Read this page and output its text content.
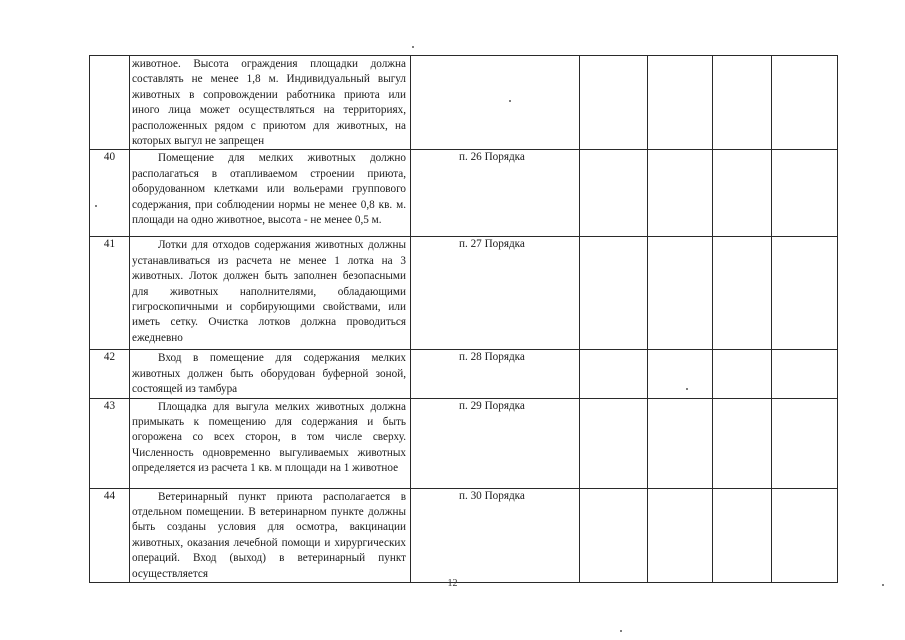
	животное. Высота ограждения площадки должна составлять не менее 1,8 м. Индивидуальный выгул животных в сопровождении работника приюта или иного лица может осуществляться на территориях, расположенных рядом с приютом для животных, на которых выгул не запрещен	

40	Помещение для мелких животных должно располагаться в отапливаемом строении приюта, оборудованном клетками или вольерами группового содержания, при соблюдении нормы не менее 0,8 кв. м. площади на одно животное, высота - не менее 0,5 м.	п. 26 Порядка				

41	Лотки для отходов содержания животных должны устанавливаться из расчета не менее 1 лотка на 3 животных. Лоток должен быть заполнен безопасными для животных наполнителями, обладающими гигроскопичными и сорбирующими свойствами, или иметь сетку. Очистка лотков должна проводиться ежедневно	п. 27 Порядка				

42	Вход в помещение для содержания мелких животных должен быть оборудован буферной зоной, состоящей из тамбура	п. 28 Порядка				

43	Площадка для выгула мелких животных должна примыкать к помещению для содержания и быть огорожена со всех сторон, в том числе сверху. Численность одновременно выгуливаемых животных определяется из расчета 1 кв. м площади на 1 животное	п. 29 Порядка				

44	Ветеринарный пункт приюта располагается в отдельном помещении. В ветеринарном пункте должны быть созданы условия для осмотра, вакцинации животных, оказания лечебной помощи и хирургических операций. Вход (выход) в ветеринарный пункт осуществляется	п. 30 Порядка				

12
